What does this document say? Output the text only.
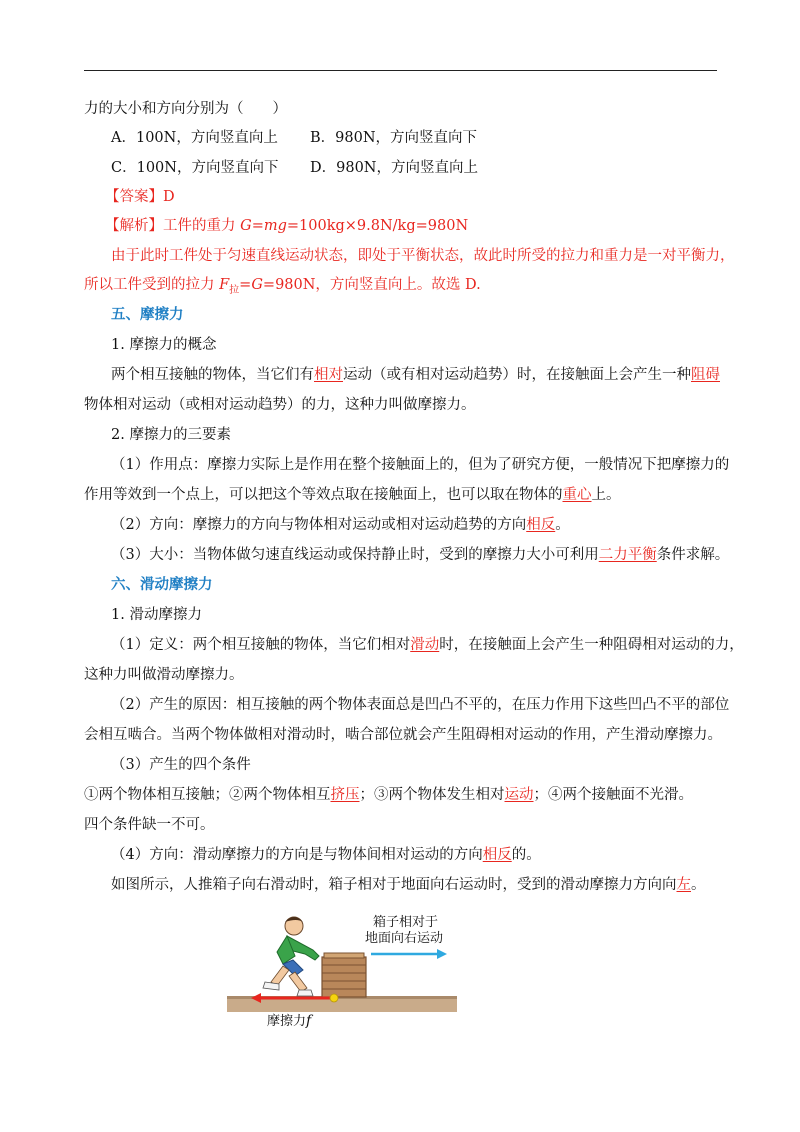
力的大小和方向分别为（　　）
A．100N，方向竖直向上 B．980N，方向竖直向下
C．100N，方向竖直向下 D．980N，方向竖直向上
【答案】D
【解析】工件的重力 G=mg=100kg×9.8N/kg=980N
由于此时工件处于匀速直线运动状态，即处于平衡状态，故此时所受的拉力和重力是一对平衡力，
所以工件受到的拉力 $F_拉=G=980N$，方向竖直向上。故选 D.
五、摩擦力
1. 摩擦力的概念
两个相互接触的物体，当它们有相对运动（或有相对运动趋势）时，在接触面上会产生一种阻碍
物体相对运动（或相对运动趋势）的力，这种力叫做摩擦力。
2. 摩擦力的三要素
（1）作用点：摩擦力实际上是作用在整个接触面上的，但为了研究方便，一般情况下把摩擦力的
作用等效到一个点上，可以把这个等效点取在接触面上，也可以取在物体的重心上。
（2）方向：摩擦力的方向与物体相对运动或相对运动趋势的方向相反。
（3）大小：当物体做匀速直线运动或保持静止时，受到的摩擦力大小可利用二力平衡条件求解。
六、滑动摩擦力
1. 滑动摩擦力
（1）定义：两个相互接触的物体，当它们相对滑动时，在接触面上会产生一种阻碍相对运动的力，
这种力叫做滑动摩擦力。
（2）产生的原因：相互接触的两个物体表面总是凹凸不平的，在压力作用下这些凹凸不平的部位
会相互啮合。当两个物体做相对滑动时，啮合部位就会产生阻碍相对运动的作用，产生滑动摩擦力。
（3）产生的四个条件
①两个物体相互接触；②两个物体相互挤压；③两个物体发生相对运动；④两个接触面不光滑。
四个条件缺一不可。
（4）方向：滑动摩擦力的方向是与物体间相对运动的方向相反的。
如图所示，人推箱子向右滑动时，箱子相对于地面向右运动时，受到的滑动摩擦力方向向左。
箱子相对于
地面向右运动
摩擦力f
